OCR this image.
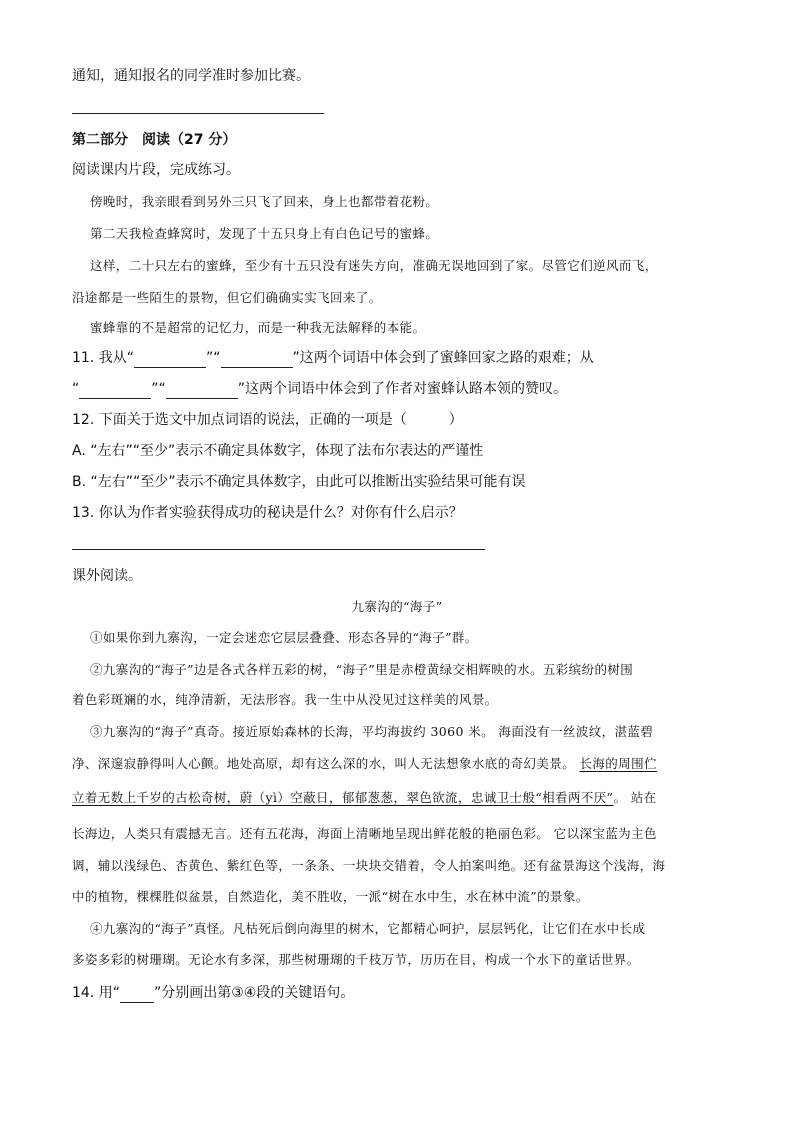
通知，通知报名的同学准时参加比赛。
第二部分　阅读（27 分）
阅读课内片段，完成练习。
傍晚时，我亲眼看到另外三只飞了回来，身上也都带着花粉。
第二天我检查蜂窝时，发现了十五只身上有白色记号的蜜蜂。
这样，二十只左右的蜜蜂，至少有十五只没有迷失方向，准确无误地回到了家。尽管它们逆风而飞，
沿途都是一些陌生的景物，但它们确确实实飞回来了。
蜜蜂靠的不是超常的记忆力，而是一种我无法解释的本能。
11. 我从“	”“	”这两个词语中体会到了蜜蜂回家之路的艰难；从
“	”“	”这两个词语中体会到了作者对蜜蜂认路本领的赞叹。
12. 下面关于选文中加点词语的说法，正确的一项是（　　　）
A. “左右”“至少”表示不确定具体数字，体现了法布尔表达的严谨性
B. “左右”“至少”表示不确定具体数字，由此可以推断出实验结果可能有误
13. 你认为作者实验获得成功的秘诀是什么？对你有什么启示？
课外阅读。
九寨沟的“海子”
①如果你到九寨沟，一定会迷恋它层层叠叠、形态各异的“海子”群。
②九寨沟的“海子”边是各式各样五彩的树，“海子”里是赤橙黄绿交相辉映的水。五彩缤纷的树围
着色彩斑斓的水，纯净清新，无法形容。我一生中从没见过这样美的风景。
③九寨沟的“海子”真奇。接近原始森林的长海，平均海拔约 3060 米。 海面没有一丝波纹，湛蓝碧
净、深邃寂静得叫人心颤。地处高原，却有这么深的水，叫人无法想象水底的奇幻美景。 长海的周围伫
立着无数上千岁的古松奇树，蔚（yì）空蔽日，郁郁葱葱，翠色欲流，忠诚卫士般“相看两不厌”。 站在
长海边，人类只有震撼无言。还有五花海，海面上清晰地呈现出鲜花般的艳丽色彩。 它以深宝蓝为主色
调，辅以浅绿色、杏黄色、紫红色等，一条条、一块块交错着，令人拍案叫绝。还有盆景海这个浅海，海
中的植物，棵棵胜似盆景，自然造化，美不胜收，一派“树在水中生，水在林中流”的景象。
④九寨沟的“海子”真怪。凡枯死后倒向海里的树木，它都精心呵护，层层钙化，让它们在水中长成
多姿多彩的树珊瑚。无论水有多深，那些树珊瑚的千枝万节，历历在目，构成一个水下的童话世界。
14. 用“ ”分别画出第③④段的关键语句。
